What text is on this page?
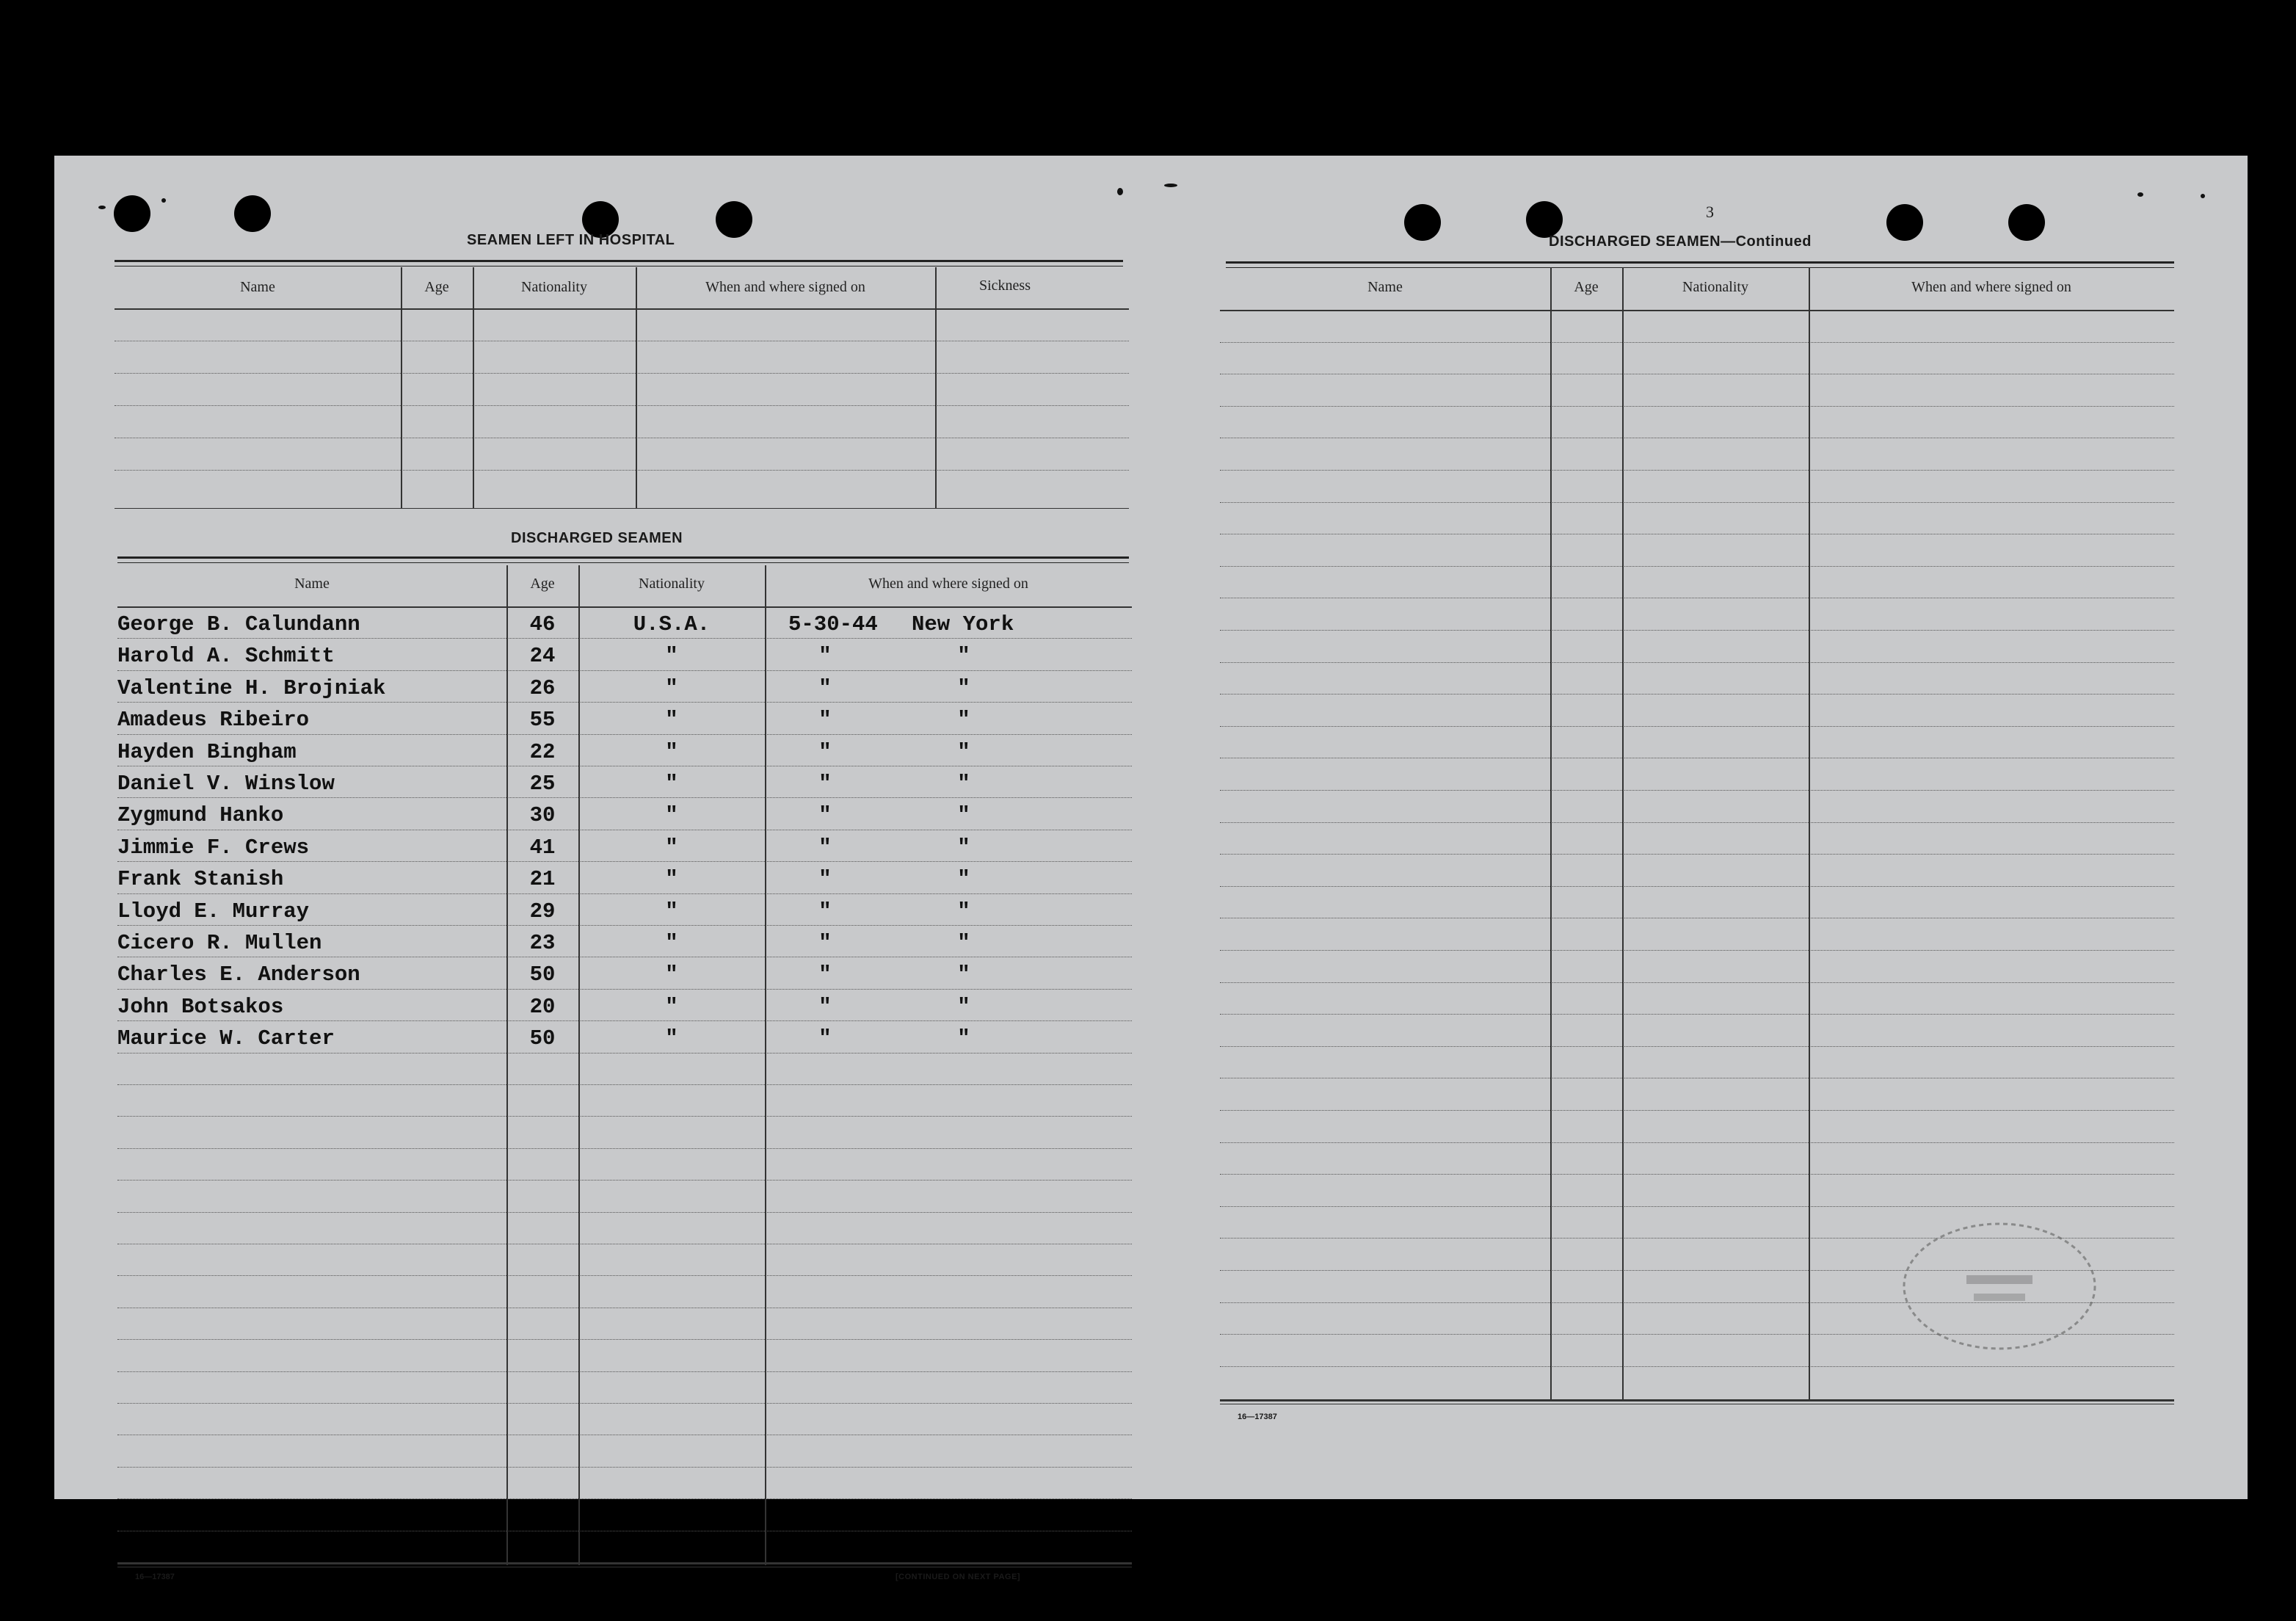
SEAMEN LEFT IN HOSPITAL
Name	Age	Nationality	When and where signed on	Sickness
DISCHARGED SEAMEN
Name	Age	Nationality	When and where signed on
George B. Calundann	46	U.S.A.	5-30-44 New York
Harold A. Schmitt	24	"	"	"
Valentine H. Brojniak	26	"	"	"
Amadeus Ribeiro	55	"	"	"
Hayden Bingham	22	"	"	"
Daniel V. Winslow	25	"	"	"
Zygmund Hanko	30	"	"	"
Jimmie F. Crews	41	"	"	"
Frank Stanish	21	"	"	"
Lloyd E. Murray	29	"	"	"
Cicero R. Mullen	23	"	"	"
Charles E. Anderson	50	"	"	"
John Botsakos	20	"	"	"
Maurice W. Carter	50	"	"	"
16—17387	[CONTINUED ON NEXT PAGE]
3
DISCHARGED SEAMEN—Continued
Name	Age	Nationality	When and where signed on
16—17387
